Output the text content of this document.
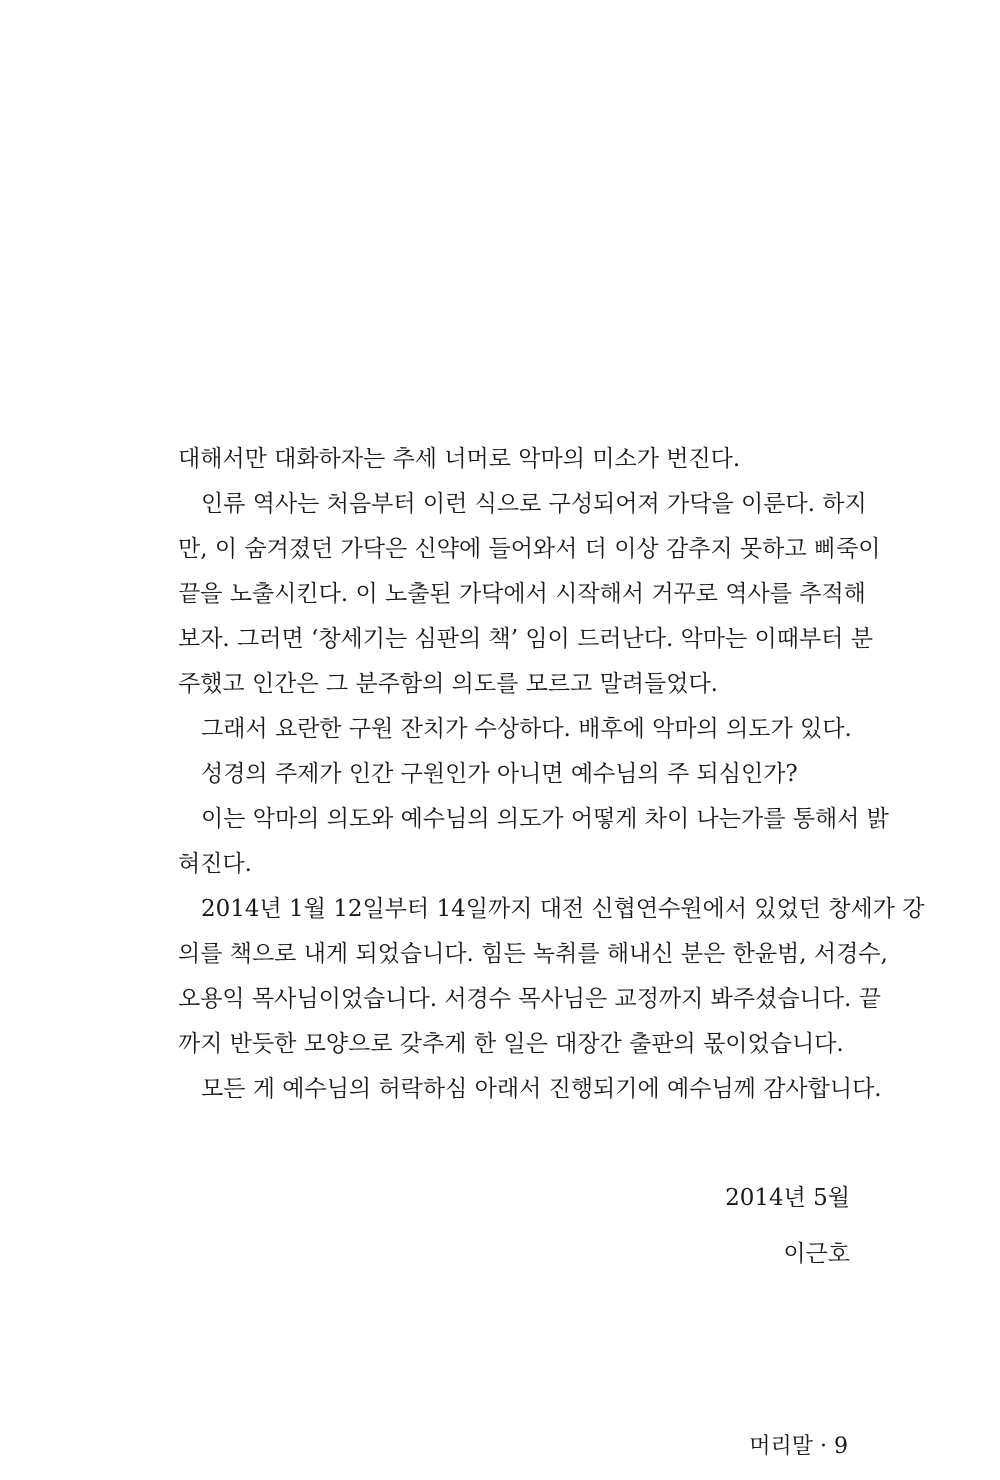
대해서만 대화하자는 추세 너머로 악마의 미소가 번진다.
인류 역사는 처음부터 이런 식으로 구성되어져 가닥을 이룬다. 하지
만, 이 숨겨졌던 가닥은 신약에 들어와서 더 이상 감추지 못하고 삐죽이
끝을 노출시킨다. 이 노출된 가닥에서 시작해서 거꾸로 역사를 추적해
보자. 그러면 ‘창세기는 심판의 책’ 임이 드러난다. 악마는 이때부터 분
주했고 인간은 그 분주함의 의도를 모르고 말려들었다.
그래서 요란한 구원 잔치가 수상하다. 배후에 악마의 의도가 있다.
성경의 주제가 인간 구원인가 아니면 예수님의 주 되심인가?
이는 악마의 의도와 예수님의 의도가 어떻게 차이 나는가를 통해서 밝
혀진다.
2014년 1월 12일부터 14일까지 대전 신협연수원에서 있었던 창세가 강
의를 책으로 내게 되었습니다. 힘든 녹취를 해내신 분은 한윤범, 서경수,
오용익 목사님이었습니다. 서경수 목사님은 교정까지 봐주셨습니다. 끝
까지 반듯한 모양으로 갖추게 한 일은 대장간 출판의 몫이었습니다.
모든 게 예수님의 허락하심 아래서 진행되기에 예수님께 감사합니다.
2014년 5월
이근호
머리말 · 9
